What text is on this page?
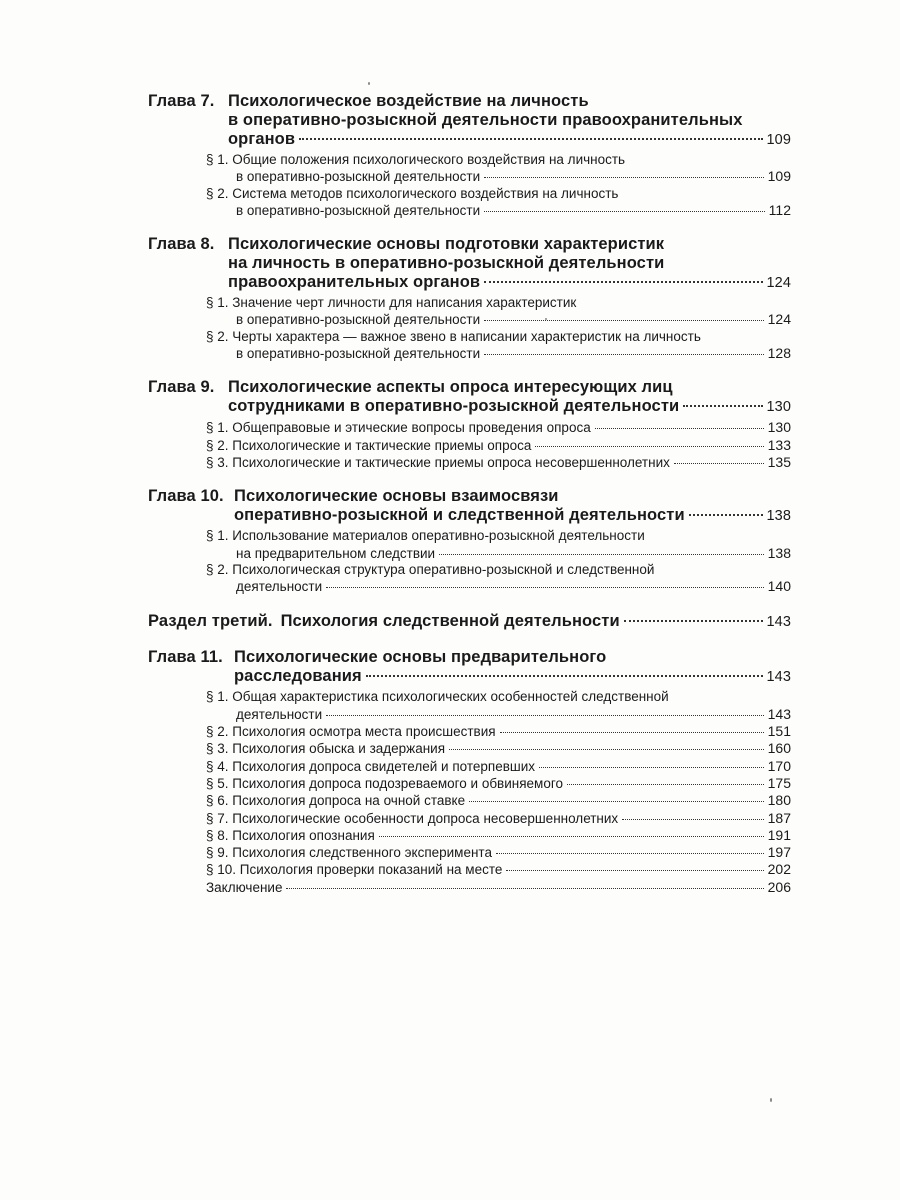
Глава 7. Психологическое воздействие на личность
в оперативно-розыскной деятельности правоохранительных
органов	109
§ 1. Общие положения психологического воздействия на личность
в оперативно-розыскной деятельности	109
§ 2. Система методов психологического воздействия на личность
в оперативно-розыскной деятельности	112
Глава 8. Психологические основы подготовки характеристик
на личность в оперативно-розыскной деятельности
правоохранительных органов	124
§ 1. Значение черт личности для написания характеристик
в оперативно-розыскной деятельности	124
§ 2. Черты характера — важное звено в написании характеристик на личность
в оперативно-розыскной деятельности	128
Глава 9. Психологические аспекты опроса интересующих лиц
сотрудниками в оперативно-розыскной деятельности	130
§ 1. Общеправовые и этические вопросы проведения опроса	130
§ 2. Психологические и тактические приемы опроса	133
§ 3. Психологические и тактические приемы опроса несовершеннолетних	135
Глава 10. Психологические основы взаимосвязи
оперативно-розыскной и следственной деятельности	138
§ 1. Использование материалов оперативно-розыскной деятельности
на предварительном следствии	138
§ 2. Психологическая структура оперативно-розыскной и следственной
деятельности	140
Раздел третий. Психология следственной деятельности	143
Глава 11. Психологические основы предварительного
расследования	143
§ 1. Общая характеристика психологических особенностей следственной
деятельности	143
§ 2. Психология осмотра места происшествия	151
§ 3. Психология обыска и задержания	160
§ 4. Психология допроса свидетелей и потерпевших	170
§ 5. Психология допроса подозреваемого и обвиняемого	175
§ 6. Психология допроса на очной ставке	180
§ 7. Психологические особенности допроса несовершеннолетних	187
§ 8. Психология опознания	191
§ 9. Психология следственного эксперимента	197
§ 10. Психология проверки показаний на месте	202
Заключение	206
